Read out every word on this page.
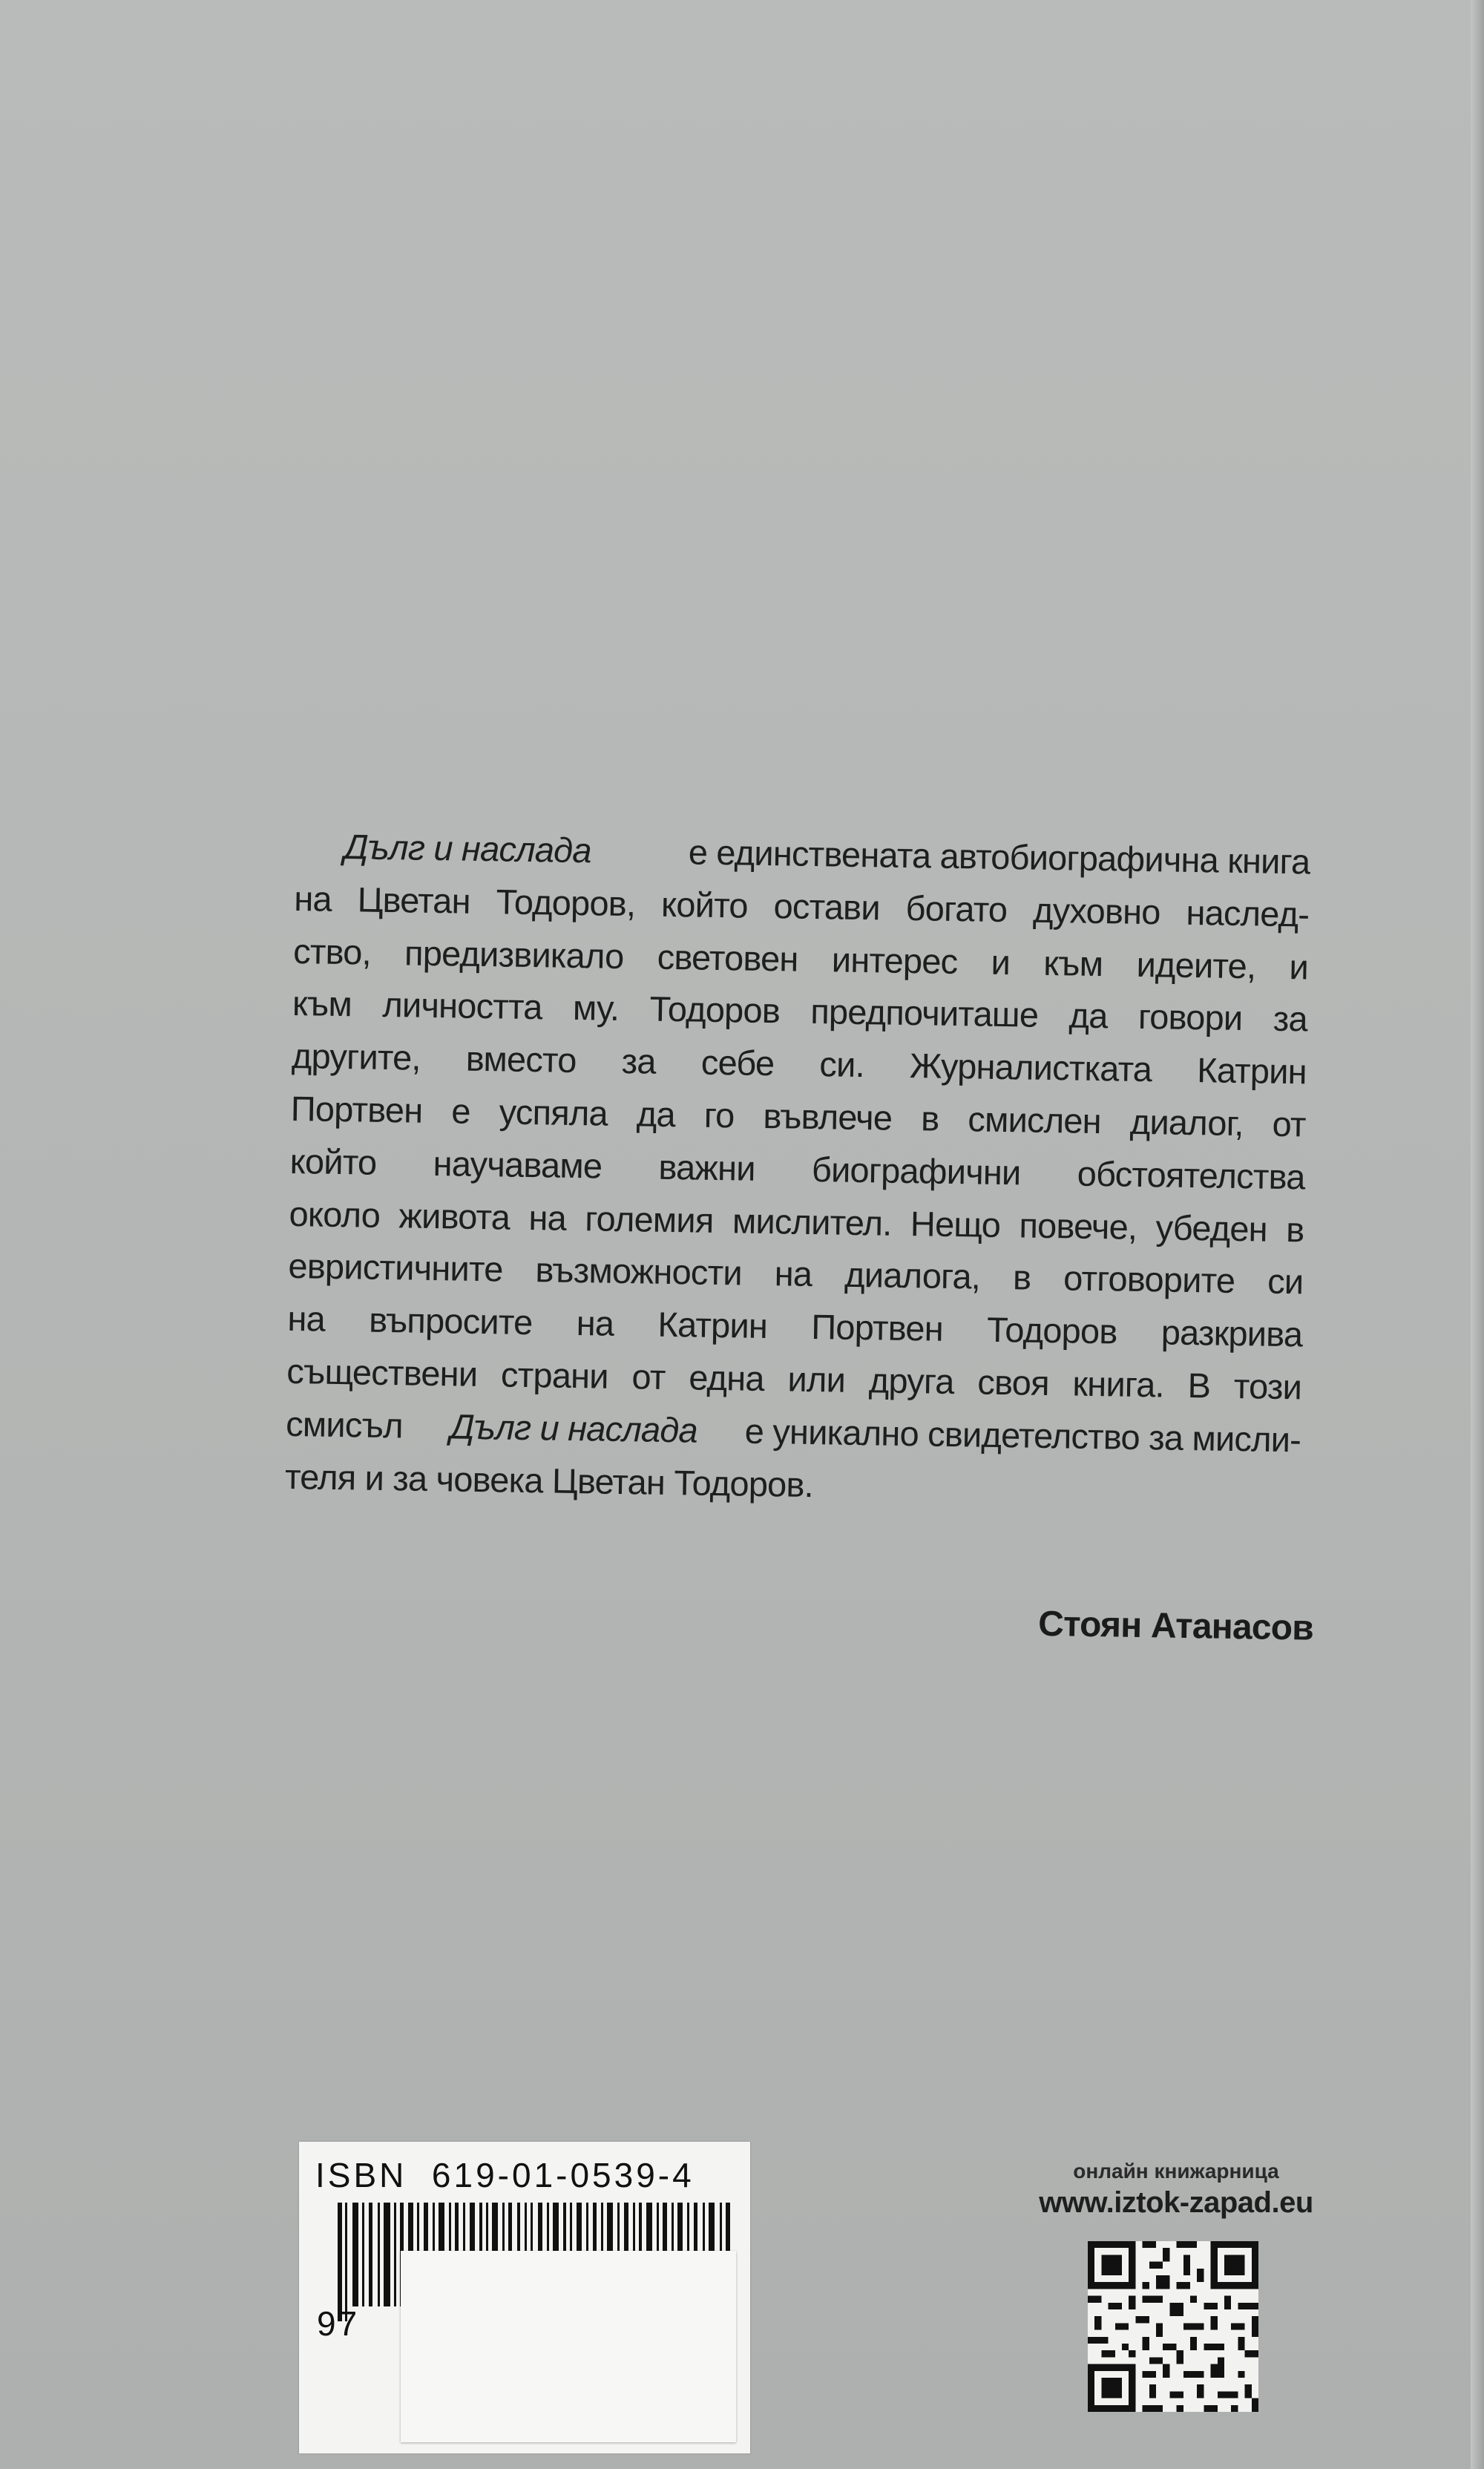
Дълг и наслада	е единствената автобиографична книга
на Цветан Тодоров, който остави богато духовно наслед-
ство, предизвикало световен интерес и към идеите, и
към личността му. Тодоров предпочиташе да говори за
другите, вместо за себе си. Журналистката Катрин
Портвен е успяла да го въвлече в смислен диалог, от
който научаваме важни биографични обстоятелства
около живота на големия мислител. Нещо повече, убеден в
евристичните възможности на диалога, в отговорите си
на въпросите на Катрин Портвен Тодоров разкрива
съществени страни от една или друга своя книга. В този
смисъл Дълг и наслада е уникално свидетелство за мисли-
теля и за човека Цветан Тодоров.
Стоян Атанасов
ISBN  619-01-0539-4
97
онлайн книжарница
www.iztok-zapad.eu
